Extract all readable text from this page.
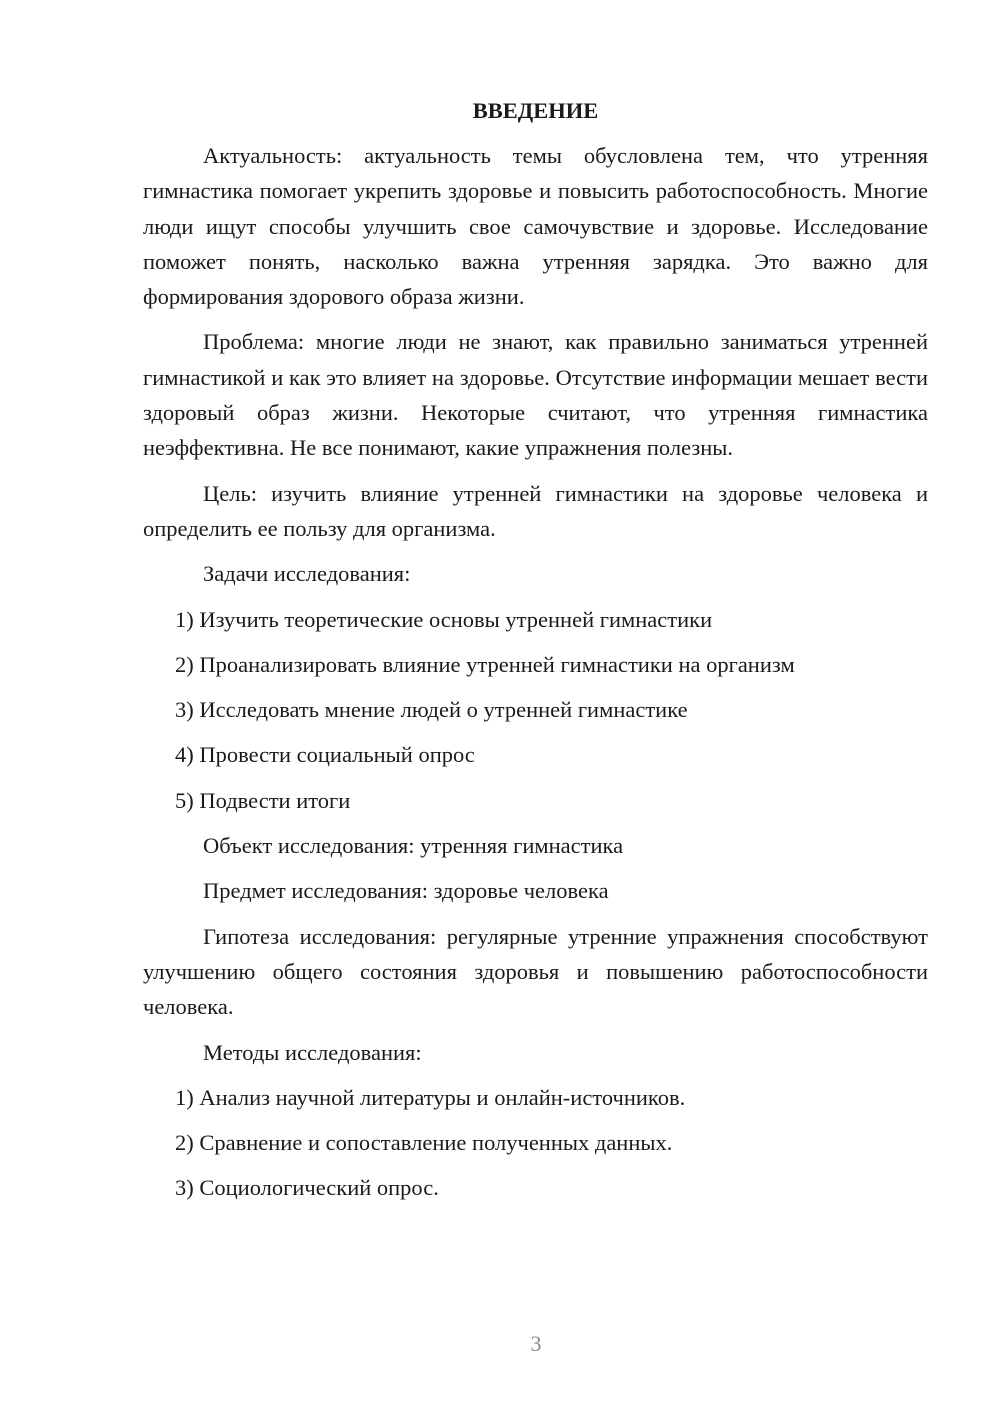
ВВЕДЕНИЕ

Актуальность: актуальность темы обусловлена тем, что утренняя гимнастика помогает укрепить здоровье и повысить работоспособность. Многие люди ищут способы улучшить свое самочувствие и здоровье. Исследование поможет понять, насколько важна утренняя зарядка. Это важно для формирования здорового образа жизни.

Проблема: многие люди не знают, как правильно заниматься утренней гимнастикой и как это влияет на здоровье. Отсутствие информации мешает вести здоровый образ жизни. Некоторые считают, что утренняя гимнастика неэффективна. Не все понимают, какие упражнения полезны.

Цель: изучить влияние утренней гимнастики на здоровье человека и определить ее пользу для организма.

Задачи исследования:

1) Изучить теоретические основы утренней гимнастики

2) Проанализировать влияние утренней гимнастики на организм

3) Исследовать мнение людей о утренней гимнастике

4) Провести социальный опрос

5) Подвести итоги

Объект исследования: утренняя гимнастика

Предмет исследования: здоровье человека

Гипотеза исследования: регулярные утренние упражнения способствуют улучшению общего состояния здоровья и повышению работоспособности человека.

Методы исследования:

1) Анализ научной литературы и онлайн-источников.

2) Сравнение и сопоставление полученных данных.

3) Социологический опрос.

3
